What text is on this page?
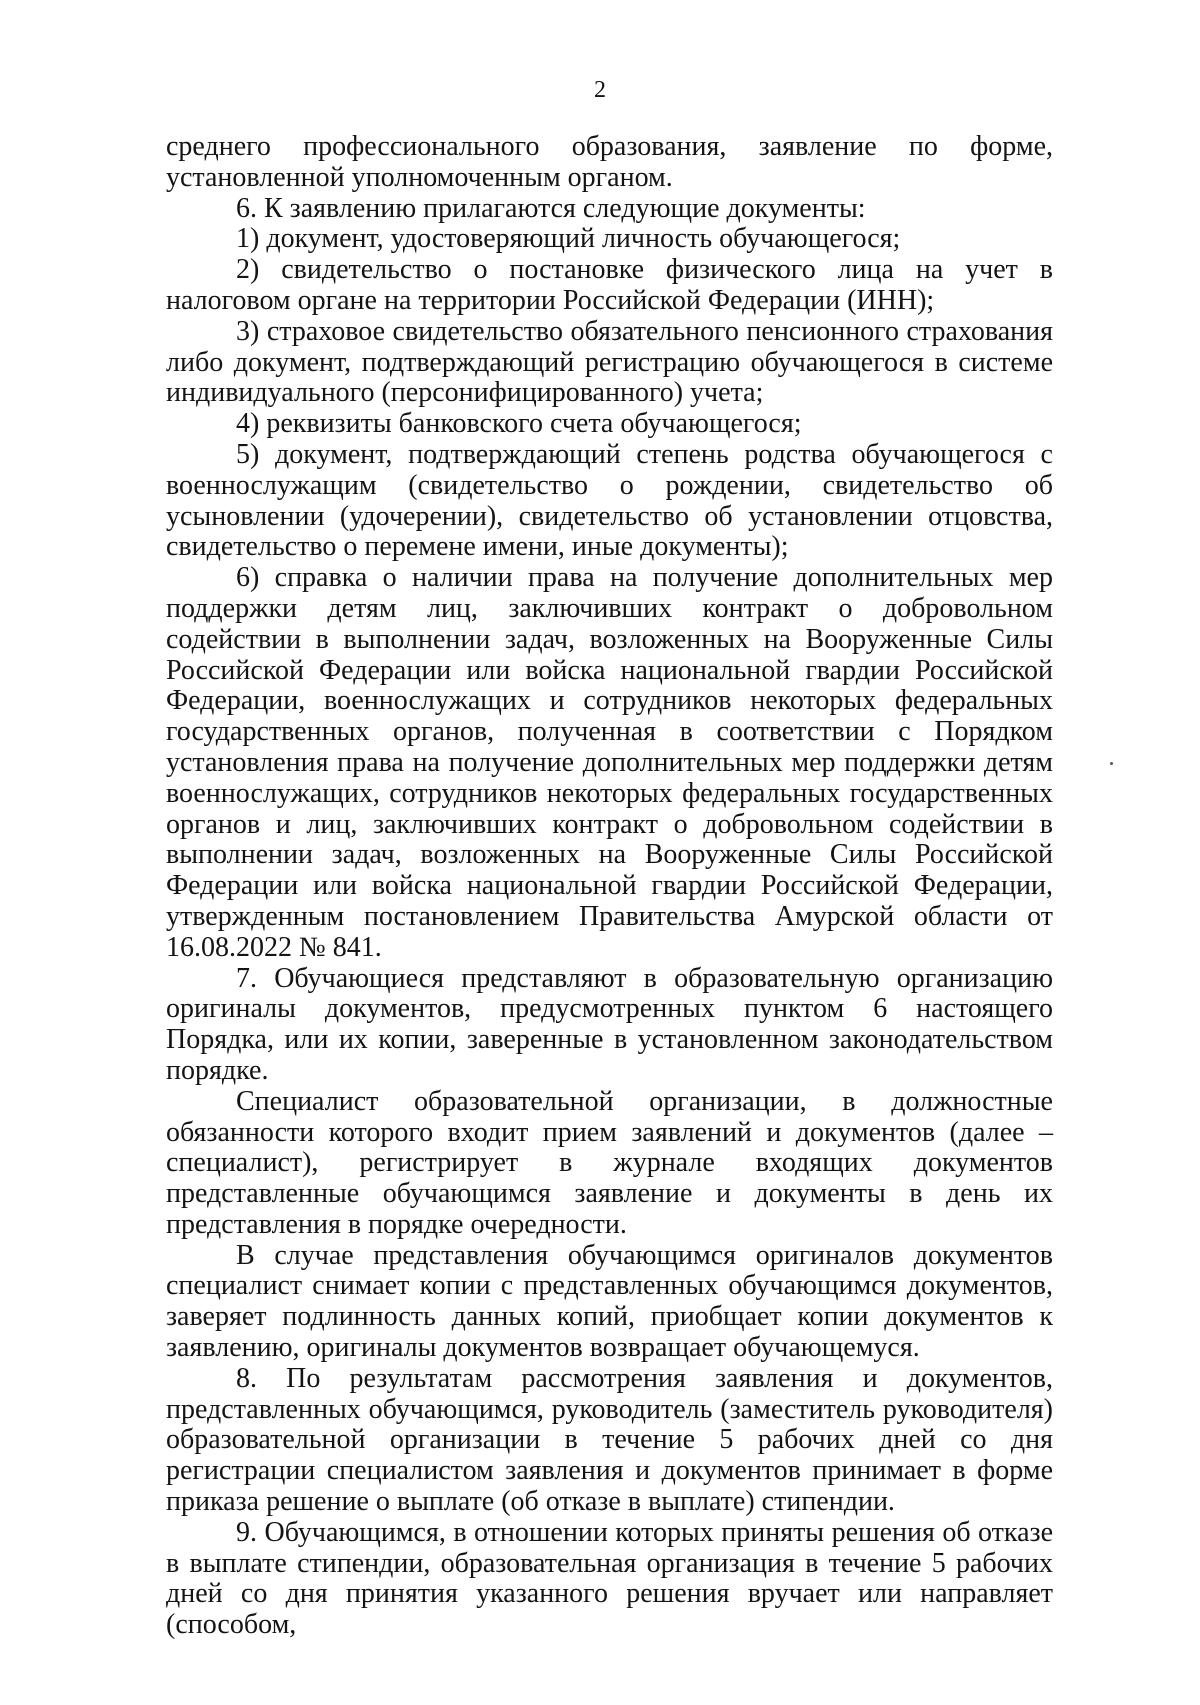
2

среднего профессионального образования, заявление по форме, установленной уполномоченным органом.

6. К заявлению прилагаются следующие документы:

1) документ, удостоверяющий личность обучающегося;

2) свидетельство о постановке физического лица на учет в налоговом органе на территории Российской Федерации (ИНН);

3) страховое свидетельство обязательного пенсионного страхования либо документ, подтверждающий регистрацию обучающегося в системе индивидуального (персонифицированного) учета;

4) реквизиты банковского счета обучающегося;

5) документ, подтверждающий степень родства обучающегося с военнослужащим (свидетельство о рождении, свидетельство об усыновлении (удочерении), свидетельство об установлении отцовства, свидетельство о перемене имени, иные документы);

6) справка о наличии права на получение дополнительных мер поддержки детям лиц, заключивших контракт о добровольном содействии в выполнении задач, возложенных на Вооруженные Силы Российской Федерации или войска национальной гвардии Российской Федерации, военнослужащих и сотрудников некоторых федеральных государственных органов, полученная в соответствии с Порядком установления права на получение дополнительных мер поддержки детям военнослужащих, сотрудников некоторых федеральных государственных органов и лиц, заключивших контракт о добровольном содействии в выполнении задач, возложенных на Вооруженные Силы Российской Федерации или войска национальной гвардии Российской Федерации, утвержденным постановлением Правительства Амурской области от 16.08.2022 № 841.

7. Обучающиеся представляют в образовательную организацию оригиналы документов, предусмотренных пунктом 6 настоящего Порядка, или их копии, заверенные в установленном законодательством порядке.

Специалист образовательной организации, в должностные обязанности которого входит прием заявлений и документов (далее – специалист), регистрирует в журнале входящих документов представленные обучающимся заявление и документы в день их представления в порядке очередности.

В случае представления обучающимся оригиналов документов специалист снимает копии с представленных обучающимся документов, заверяет подлинность данных копий, приобщает копии документов к заявлению, оригиналы документов возвращает обучающемуся.

8. По результатам рассмотрения заявления и документов, представленных обучающимся, руководитель (заместитель руководителя) образовательной организации в течение 5 рабочих дней со дня регистрации специалистом заявления и документов принимает в форме приказа решение о выплате (об отказе в выплате) стипендии.

9. Обучающимся, в отношении которых приняты решения об отказе в выплате стипендии, образовательная организация в течение 5 рабочих дней со дня принятия указанного решения вручает или направляет (способом,
